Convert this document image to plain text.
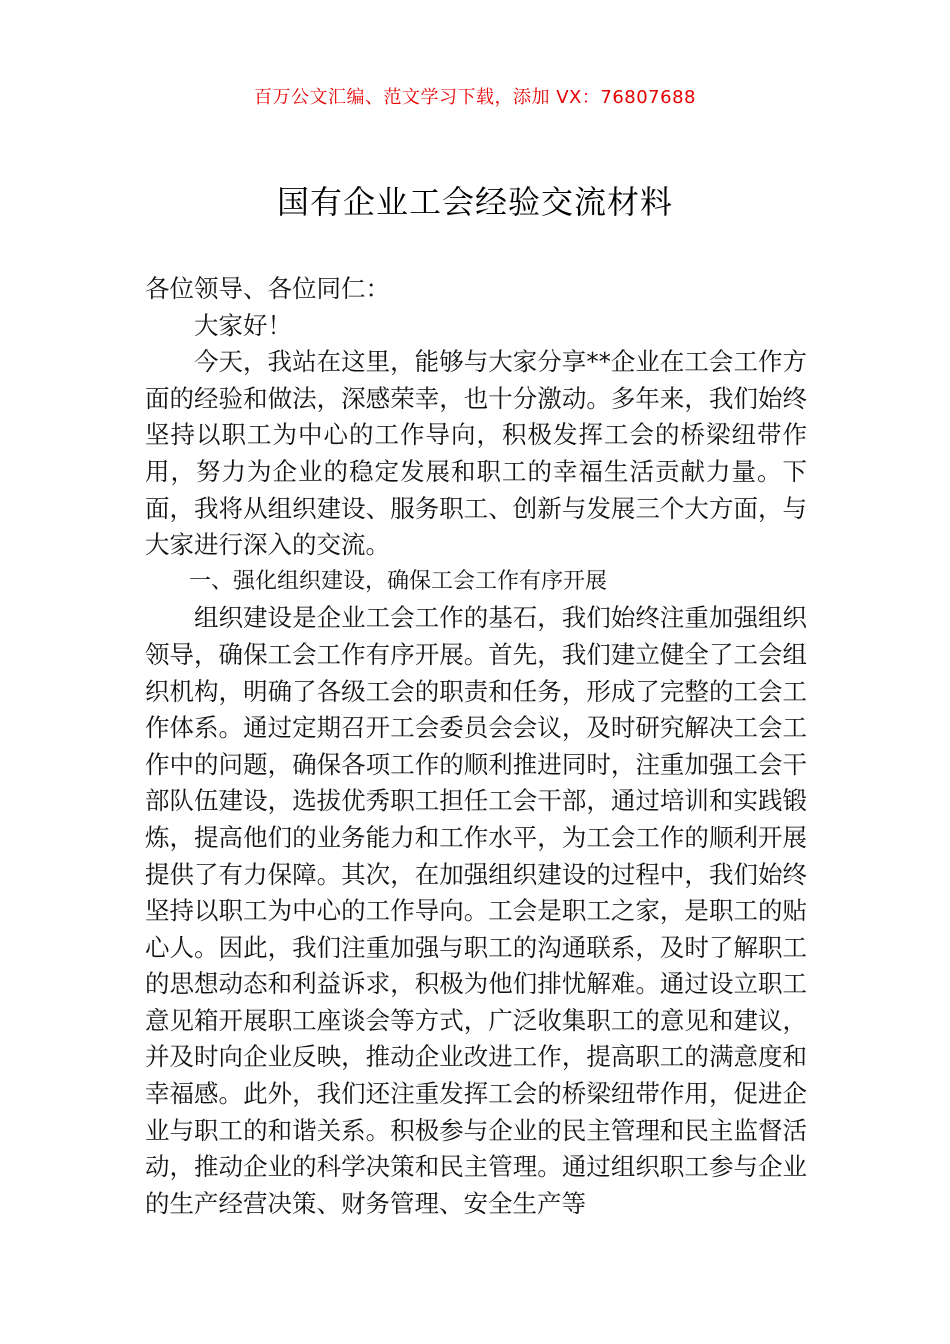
百万公文汇编、范文学习下载，添加 VX：76807688
国有企业工会经验交流材料

各位领导、各位同仁：

大家好！

今天，我站在这里，能够与大家分享**企业在工会工作方面的经验和做法，深感荣幸，也十分激动。多年来，我们始终坚持以职工为中心的工作导向，积极发挥工会的桥梁纽带作用，努力为企业的稳定发展和职工的幸福生活贡献力量。下面，我将从组织建设、服务职工、创新与发展三个大方面，与大家进行深入的交流。

一、强化组织建设，确保工会工作有序开展

组织建设是企业工会工作的基石，我们始终注重加强组织领导，确保工会工作有序开展。首先，我们建立健全了工会组织机构，明确了各级工会的职责和任务，形成了完整的工会工作体系。通过定期召开工会委员会会议，及时研究解决工会工作中的问题，确保各项工作的顺利推进同时，注重加强工会干部队伍建设，选拔优秀职工担任工会干部，通过培训和实践锻炼，提高他们的业务能力和工作水平，为工会工作的顺利开展提供了有力保障。其次，在加强组织建设的过程中，我们始终坚持以职工为中心的工作导向。工会是职工之家，是职工的贴心人。因此，我们注重加强与职工的沟通联系，及时了解职工的思想动态和利益诉求，积极为他们排忧解难。通过设立职工意见箱开展职工座谈会等方式，广泛收集职工的意见和建议，并及时向企业反映，推动企业改进工作，提高职工的满意度和幸福感。此外，我们还注重发挥工会的桥梁纽带作用，促进企业与职工的和谐关系。积极参与企业的民主管理和民主监督活动，推动企业的科学决策和民主管理。通过组织职工参与企业的生产经营决策、财务管理、安全生产等
